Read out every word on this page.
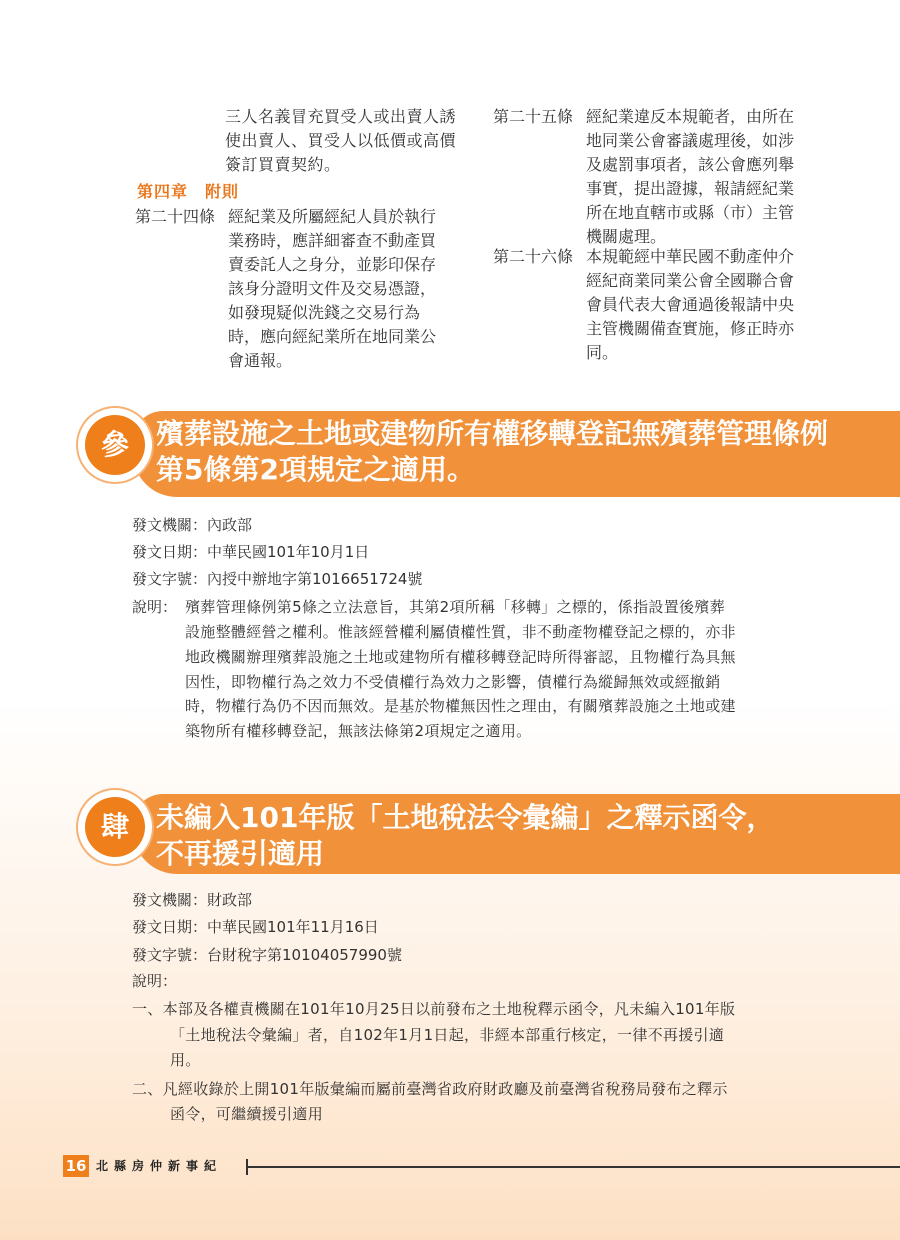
三人名義冒充買受人或出賣人誘

使出賣人、買受人以低價或高價

簽訂買賣契約。

第四章　附則
第二十四條 經紀業及所屬經紀人員於執行

業務時，應詳細審查不動產買

賣委託人之身分，並影印保存

該身分證明文件及交易憑證，

如發現疑似洗錢之交易行為

時，應向經紀業所在地同業公

會通報。

第二十五條 經紀業違反本規範者，由所在

地同業公會審議處理後，如涉

及處罰事項者，該公會應列舉

事實，提出證據，報請經紀業

所在地直轄市或縣（市）主管

機關處理。

第二十六條 本規範經中華民國不動產仲介

經紀商業同業公會全國聯合會

會員代表大會通過後報請中央

主管機關備查實施，修正時亦

同。

參 殯葬設施之土地或建物所有權移轉登記無殯葬管理條例
第5條第2項規定之適用。
發文機關：內政部
發文日期：中華民國101年10月1日
發文字號：內授中辦地字第1016651724號
說明： 殯葬管理條例第5條之立法意旨，其第2項所稱「移轉」之標的，係指設置後殯葬

設施整體經營之權利。惟該經營權利屬債權性質，非不動產物權登記之標的，亦非

地政機關辦理殯葬設施之土地或建物所有權移轉登記時所得審認，且物權行為具無

因性，即物權行為之效力不受債權行為效力之影響，債權行為縱歸無效或經撤銷

時，物權行為仍不因而無效。是基於物權無因性之理由，有關殯葬設施之土地或建

築物所有權移轉登記，無該法條第2項規定之適用。

肆 未編入101年版「土地稅法令彙編」之釋示函令，
不再援引適用
發文機關：財政部
發文日期：中華民國101年11月16日
發文字號：台財稅字第10104057990號
說明：

一、本部及各權責機關在101年10月25日以前發布之土地稅釋示函令，凡未編入101年版

「土地稅法令彙編」者，自102年1月1日起，非經本部重行核定，一律不再援引適

用。

二、凡經收錄於上開101年版彙編而屬前臺灣省政府財政廳及前臺灣省稅務局發布之釋示

函令，可繼續援引適用

16 北縣房仲新事紀
